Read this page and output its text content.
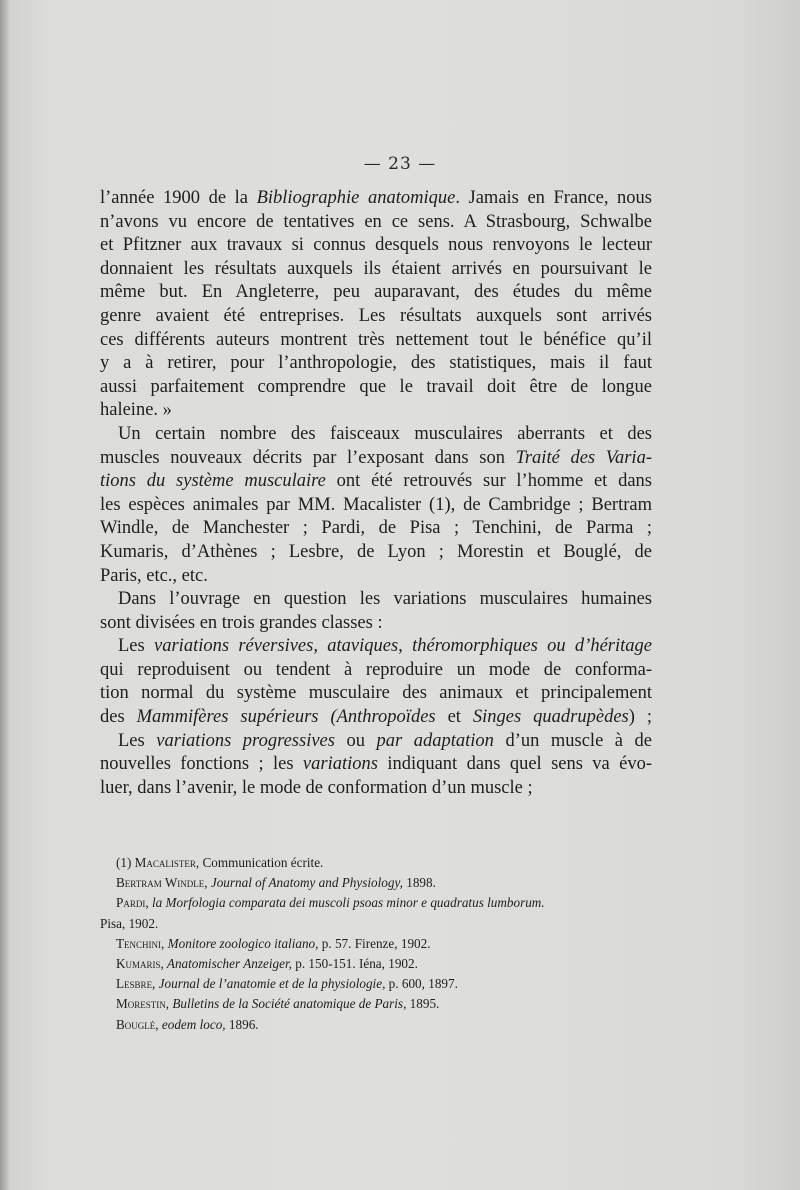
— 23 —
l’année 1900 de la Bibliographie anatomique. Jamais en France, nous
n’avons vu encore de tentatives en ce sens. A Strasbourg, Schwalbe
et Pfitzner aux travaux si connus desquels nous renvoyons le lecteur
donnaient les résultats auxquels ils étaient arrivés en poursuivant le
même but. En Angleterre, peu auparavant, des études du même
genre avaient été entreprises. Les résultats auxquels sont arrivés
ces différents auteurs montrent très nettement tout le bénéfice qu’il
y a à retirer, pour l’anthropologie, des statistiques, mais il faut
aussi parfaitement comprendre que le travail doit être de longue
haleine. »
Un certain nombre des faisceaux musculaires aberrants et des
muscles nouveaux décrits par l’exposant dans son Traité des Varia-
tions du système musculaire ont été retrouvés sur l’homme et dans
les espèces animales par MM. Macalister (1), de Cambridge ; Bertram
Windle, de Manchester ; Pardi, de Pisa ; Tenchini, de Parma ;
Kumaris, d’Athènes ; Lesbre, de Lyon ; Morestin et Bouglé, de
Paris, etc., etc.
Dans l’ouvrage en question les variations musculaires humaines
sont divisées en trois grandes classes :
Les variations réversives, ataviques, théromorphiques ou d’héritage
qui reproduisent ou tendent à reproduire un mode de conforma-
tion normal du système musculaire des animaux et principalement
des Mammifères supérieurs (Anthropoïdes et Singes quadrupèdes) ;
Les variations progressives ou par adaptation d’un muscle à de
nouvelles fonctions ; les variations indiquant dans quel sens va évo-
luer, dans l’avenir, le mode de conformation d’un muscle ;
(1) Macalister, Communication écrite.
Bertram Windle, Journal of Anatomy and Physiology, 1898.
Pardi, la Morfologia comparata dei muscoli psoas minor e quadratus lumborum.
Pisa, 1902.
Tenchini, Monitore zoologico italiano, p. 57. Firenze, 1902.
Kumaris, Anatomischer Anzeiger, p. 150-151. Iéna, 1902.
Lesbre, Journal de l’anatomie et de la physiologie, p. 600, 1897.
Morestin, Bulletins de la Société anatomique de Paris, 1895.
Bouglé, eodem loco, 1896.
